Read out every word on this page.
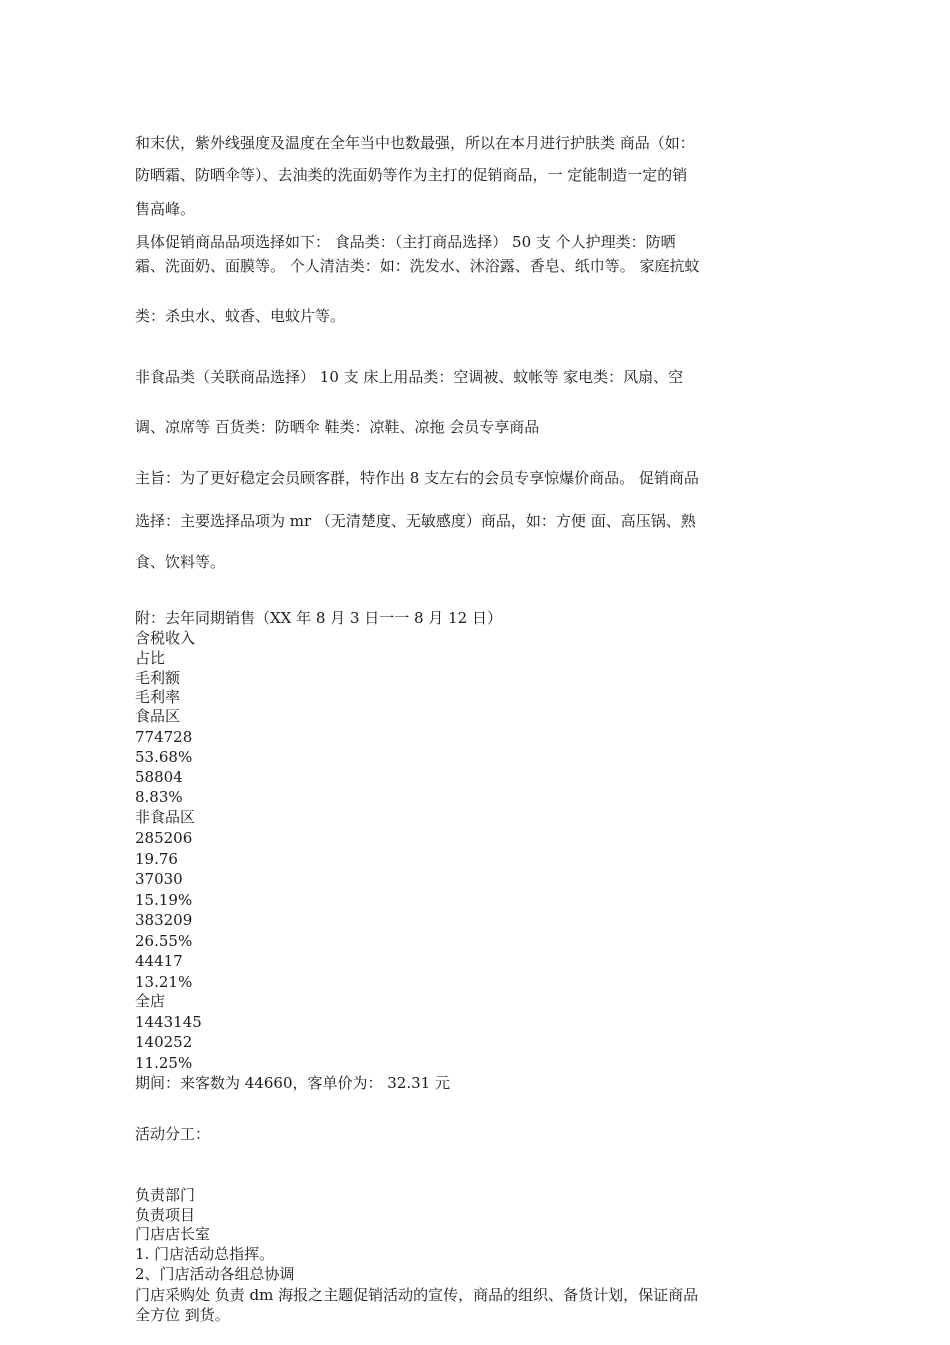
和末伏，紫外线强度及温度在全年当中也数最强，所以在本月进行护肤类 商品（如：
防晒霜、防晒伞等）、去油类的洗面奶等作为主打的促销商品，一 定能制造一定的销
售高峰。
具体促销商品品项选择如下： 食品类：（主打商品选择） 50 支 个人护理类：防晒
霜、洗面奶、面膜等。 个人清洁类：如：洗发水、沐浴露、香皂、纸巾等。 家庭抗蚊
类：杀虫水、蚊香、电蚊片等。
非食品类（关联商品选择） 10 支 床上用品类：空调被、蚊帐等 家电类：风扇、空
调、凉席等 百货类：防晒伞 鞋类：凉鞋、凉拖 会员专享商品
主旨：为了更好稳定会员顾客群，特作出 8 支左右的会员专享惊爆价商品。 促销商品
选择：主要选择品项为 mr （无清楚度、无敏感度）商品，如：方便 面、高压锅、熟
食、饮料等。
附：去年同期销售（XX 年 8 月 3 日一一 8 月 12 日）
含税收入
占比
毛利额
毛利率
食品区
774728
53.68%
58804
8.83%
非食品区
285206
19.76
37030
15.19%
383209
26.55%
44417
13.21%
全店
1443145
140252
11.25%
期间：来客数为 44660，客单价为： 32.31 元
活动分工：
负责部门
负责项目
门店店长室
1. 门店活动总指挥。
2、门店活动各组总协调
门店采购处 负责 dm 海报之主题促销活动的宣传，商品的组织、备货计划，保证商品
全方位 到货。
